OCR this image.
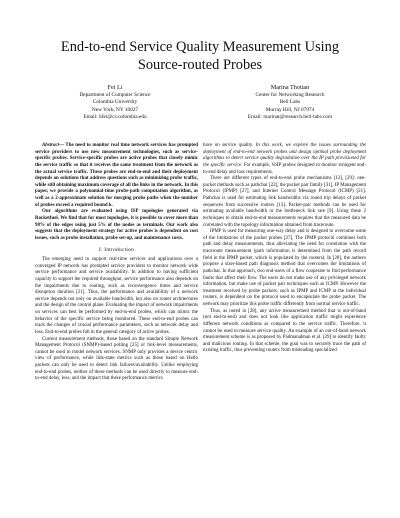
End-to-end Service Quality Measurement Using
Source-routed Probes
Fei Li
Department of Computer Science
Columbia University
New York, NY 10027
Email: lifei@cs.columbia.edu
Marina Thottan
Center for Networking Research
Bell Labs
Murray Hill, NJ 07974
Email: marinat@research.bell-labs.com

Abstract— The need to monitor real time network services has prompted service providers to use new measurement technologies, such as service-specific probes. Service-specific probes are active probes that closely mimic the service traffic so that it receives the same treatment from the network as the actual service traffic. These probes are end-to-end and their deployment depends on solutions that address questions such as minimizing probe traffic, while still obtaining maximum coverage of all the links in the network. In this paper, we provide a polynomial-time probe-path computation algorithm, as well as a 2-approximate solution for merging probe paths when the number of probes exceed a required bound k.

Our algorithms are evaluated using ISP topologies generated via Rocketfuel. We find that for most topologies, it is possible to cover more than 98% of the edges using just 5% of the nodes as terminals. Our work also suggests that the deployment strategy for active probes is dependent on cost issues, such as probe installation, probe set-up, and maintenance costs.

I. Introduction

The emerging need to support real-time services and applications over a converged IP network has prompted service providers to monitor network wide service performance and service availability. In addition to having sufficient capacity to support the required throughput, service performance also depends on the impairments due to routing, such as reconvergence times and service disruption duration [21]. Thus, the performance and availability of a network service depends not only on available bandwidth, but also on router architectures and the design of the control plane. Evaluating the impact of network impairments on services can best be performed by end-to-end probes, which can mimic the behavior of the specific service being monitored. These end-to-end probes can track the changes of crucial performance parameters, such as network delay and loss. End-to-end probes fall in the general category of active probes.

Current measurement methods, those based on the standard Simple Network Management Protocol (SNMP)-based polling [25] or link-level measurements, cannot be used to model network services. SNMP only provides a device centric view of performance, while link-state metrics such as those based on Hello packets can only be used to detect link failures/availability. Unlike employing end-to-end probes, neither of these methods can be used directly to measure end-to-end delay, loss, and the impact that these performance metrics

have on service quality. In this work, we explore the issues surrounding the deployment of end-to-end network probes and design optimal probe deployment algorithms to detect service quality degradation over the IP path provisioned for the specific service. For example, VoIP probes designed to monitor stringent end-to-end delay and loss requirements.

There are different types of end-to-end probe mechanisms [12], [29]: one-packet methods such as pathchar [22], the packet pair family [31], IP Management Protocol (IPMP) [27], and Internet Control Message Protocol (ICMP) [21]. Pathchar is used for estimating link bandwidths via round trip delays of packet sequences from successive routers [13]. Packet-pair methods can be used for estimating available bandwidth or the bottleneck link rate [9]. Using these 2 techniques to obtain end-to-end measurements requires that the measured data be correlated with the topology information obtained from traceroute.

IPMP is used for measuring one-way delay and is designed to overcome some of the limitations of the packet probes [27]. The IPMP protocol combines both path and delay measurements, thus alleviating the need for correlation with the traceroute measurement (path information is determined from the path record field in the IPMP packet, which is populated by the routers). In [28], the authors propose a sizer-based path diagnosis method that overcomes the limitations of pathchar. In that approach, two end-users of a flow cooperate to find performance faults that affect their flow. The users do not make use of any privileged network information, but make use of packet pair techniques such as ICMP. However the treatment received by probe packets, such as IPMP and ICMP at the individual routers, is dependent on the protocol used to encapsulate the probe packet. The network may prioritize this probe traffic differently from normal service traffic.

Thus, as noted in [28], any active measurement method that is out-of-band (not end-to-end) and does not look like application traffic might experience different network conditions as compared to the service traffic. Therefore, it cannot be used to measure service quality. An example of an out-of-band network measurement scheme is as proposed by Padmanabhan et al. [29] to identify faulty and malicious routing. In that scheme, the goal was to securely trace the path of existing traffic, thus preventing routers from misleading specialized
